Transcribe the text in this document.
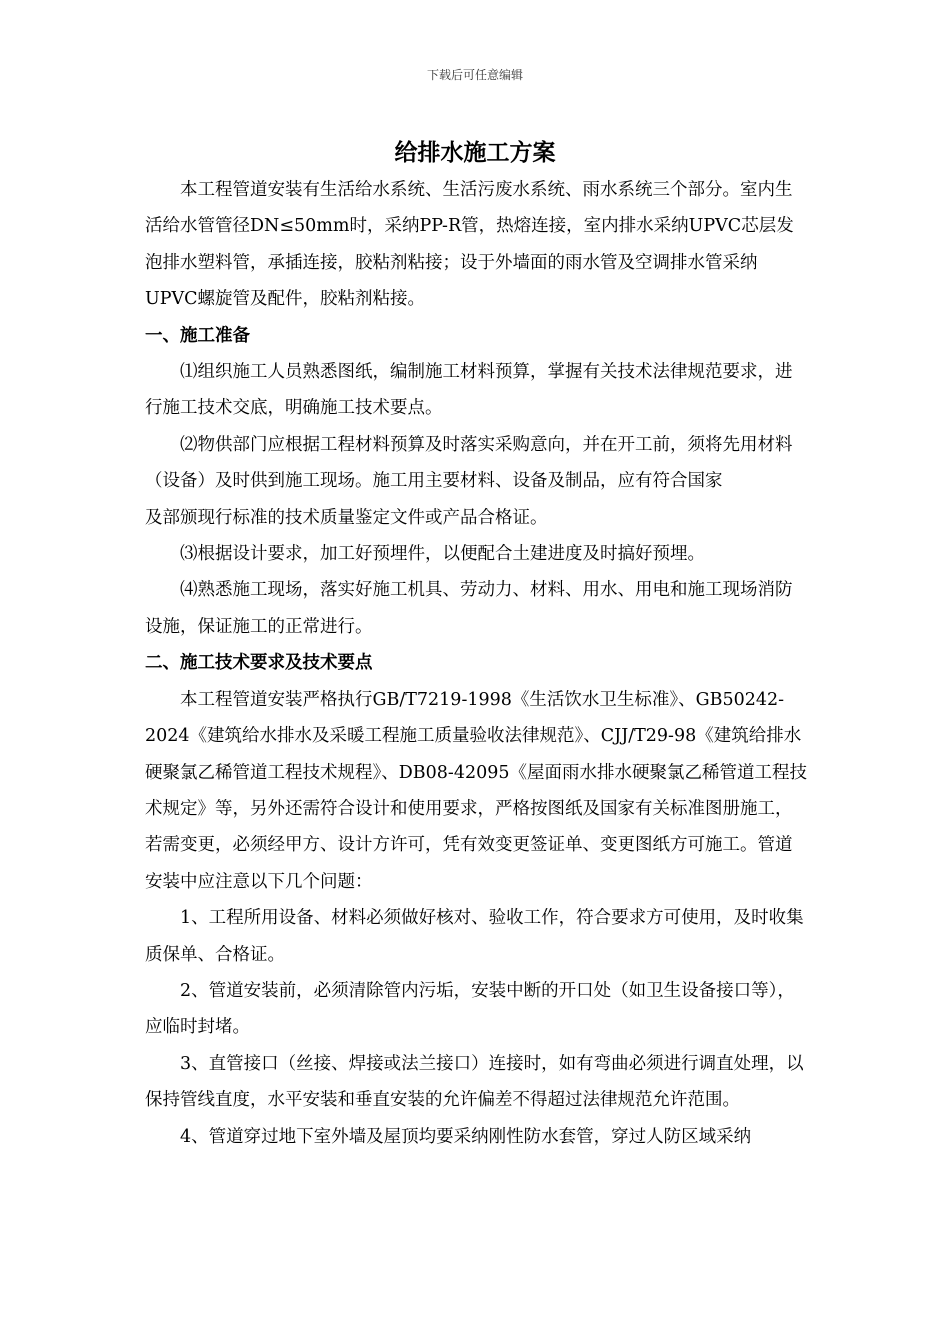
下载后可任意编辑
给排水施工方案

本工程管道安装有生活给水系统、生活污废水系统、雨水系统三个部分。室内生活给水管管径DN≤50mm时，采纳PP-R管，热熔连接，室内排水采纳UPVC芯层发泡排水塑料管，承插连接，胶粘剂粘接；设于外墙面的雨水管及空调排水管采纳UPVC螺旋管及配件，胶粘剂粘接。

一、施工准备

⑴组织施工人员熟悉图纸，编制施工材料预算，掌握有关技术法律规范要求，进行施工技术交底，明确施工技术要点。

⑵物供部门应根据工程材料预算及时落实采购意向，并在开工前，须将先用材料（设备）及时供到施工现场。施工用主要材料、设备及制品，应有符合国家

及部颁现行标准的技术质量鉴定文件或产品合格证。

⑶根据设计要求，加工好预埋件，以便配合土建进度及时搞好预埋。

⑷熟悉施工现场，落实好施工机具、劳动力、材料、用水、用电和施工现场消防设施，保证施工的正常进行。

二、施工技术要求及技术要点

本工程管道安装严格执行GB/T7219-1998《生活饮水卫生标准》、GB50242-2024《建筑给水排水及采暖工程施工质量验收法律规范》、CJJ/T29-98《建筑给排水硬聚氯乙稀管道工程技术规程》、DB08-42095《屋面雨水排水硬聚氯乙稀管道工程技术规定》等，另外还需符合设计和使用要求，严格按图纸及国家有关标准图册施工，若需变更，必须经甲方、设计方许可，凭有效变更签证单、变更图纸方可施工。管道安装中应注意以下几个问题：

1、工程所用设备、材料必须做好核对、验收工作，符合要求方可使用，及时收集质保单、合格证。

2、管道安装前，必须清除管内污垢，安装中断的开口处（如卫生设备接口等），应临时封堵。

3、直管接口（丝接、焊接或法兰接口）连接时，如有弯曲必须进行调直处理，以保持管线直度，水平安装和垂直安装的允许偏差不得超过法律规范允许范围。

4、管道穿过地下室外墙及屋顶均要采纳刚性防水套管，穿过人防区域采纳
